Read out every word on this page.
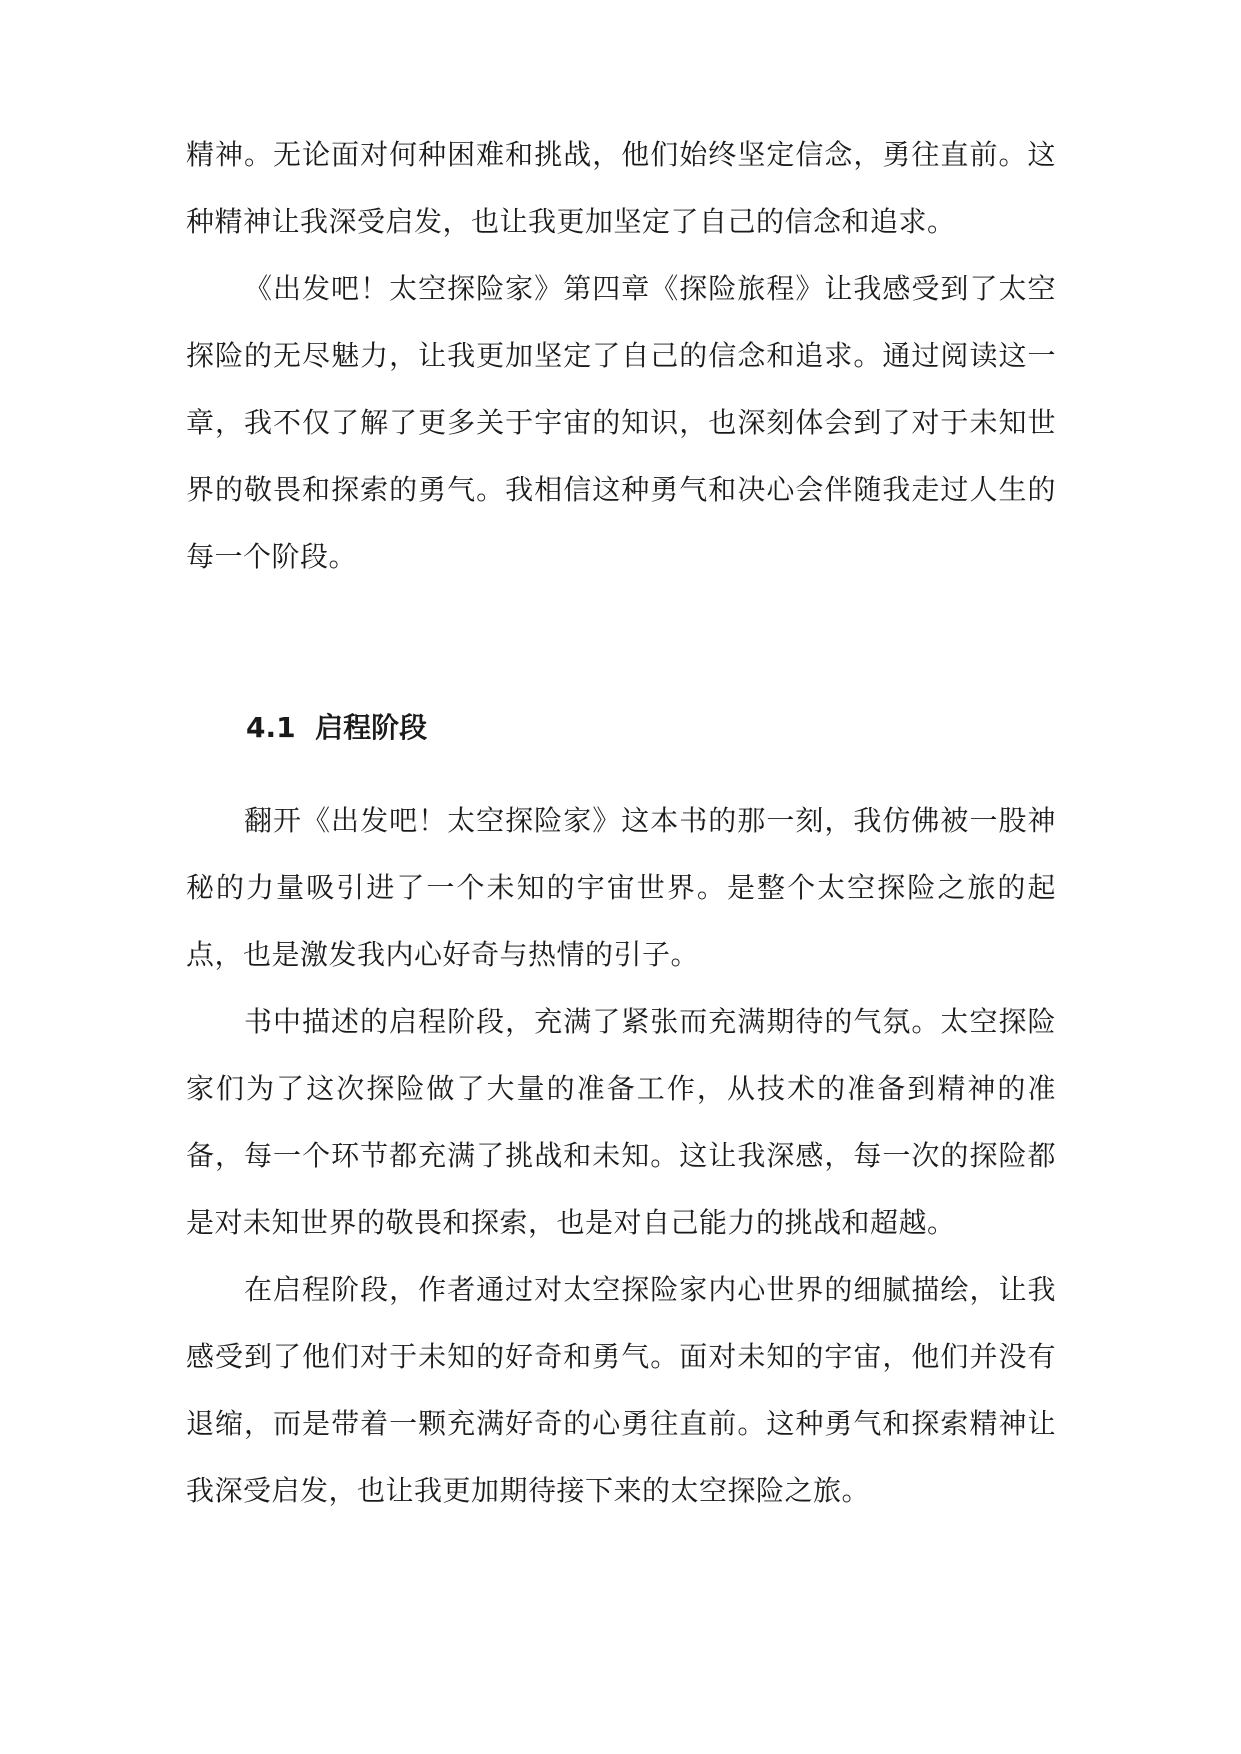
精神。无论面对何种困难和挑战，他们始终坚定信念，勇往直前。这种精神让我深受启发，也让我更加坚定了自己的信念和追求。

《出发吧！太空探险家》第四章《探险旅程》让我感受到了太空探险的无尽魅力，让我更加坚定了自己的信念和追求。通过阅读这一章，我不仅了解了更多关于宇宙的知识，也深刻体会到了对于未知世界的敬畏和探索的勇气。我相信这种勇气和决心会伴随我走过人生的每一个阶段。

4.1  启程阶段

翻开《出发吧！太空探险家》这本书的那一刻，我仿佛被一股神秘的力量吸引进了一个未知的宇宙世界。是整个太空探险之旅的起点，也是激发我内心好奇与热情的引子。

书中描述的启程阶段，充满了紧张而充满期待的气氛。太空探险家们为了这次探险做了大量的准备工作，从技术的准备到精神的准备，每一个环节都充满了挑战和未知。这让我深感，每一次的探险都是对未知世界的敬畏和探索，也是对自己能力的挑战和超越。

在启程阶段，作者通过对太空探险家内心世界的细腻描绘，让我感受到了他们对于未知的好奇和勇气。面对未知的宇宙，他们并没有退缩，而是带着一颗充满好奇的心勇往直前。这种勇气和探索精神让我深受启发，也让我更加期待接下来的太空探险之旅。
